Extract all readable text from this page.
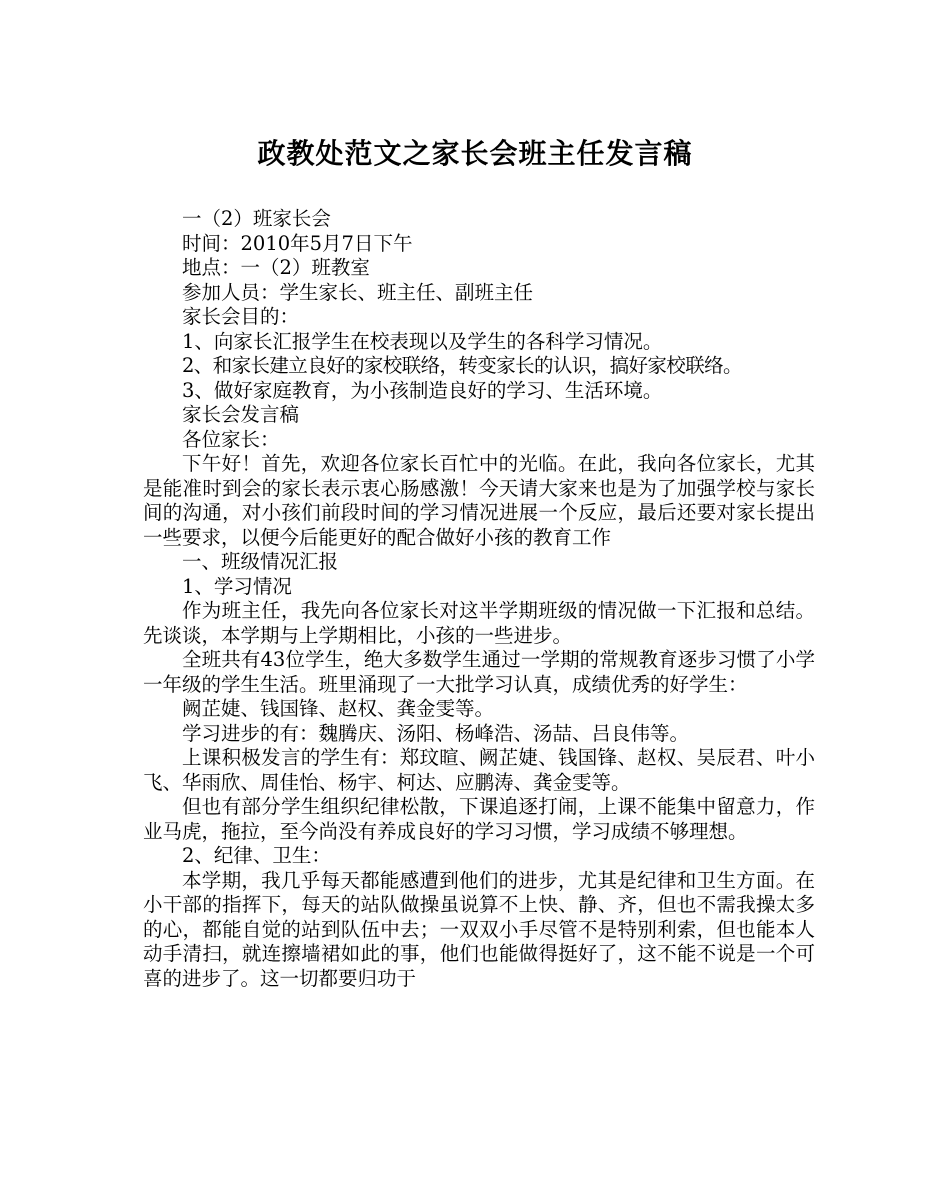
政教处范文之家长会班主任发言稿

一（2）班家长会

时间：2010年5月7日下午

地点：一（2）班教室

参加人员：学生家长、班主任、副班主任

家长会目的：

1、向家长汇报学生在校表现以及学生的各科学习情况。

2、和家长建立良好的家校联络，转变家长的认识，搞好家校联络。

3、做好家庭教育，为小孩制造良好的学习、生活环境。

家长会发言稿

各位家长：

下午好！首先，欢迎各位家长百忙中的光临。在此，我向各位家长，尤其是能准时到会的家长表示衷心肠感激！今天请大家来也是为了加强学校与家长间的沟通，对小孩们前段时间的学习情况进展一个反应，最后还要对家长提出一些要求，以便今后能更好的配合做好小孩的教育工作

一、班级情况汇报

1、学习情况

作为班主任，我先向各位家长对这半学期班级的情况做一下汇报和总结。先谈谈，本学期与上学期相比，小孩的一些进步。

全班共有43位学生，绝大多数学生通过一学期的常规教育逐步习惯了小学一年级的学生生活。班里涌现了一大批学习认真，成绩优秀的好学生：

阙芷婕、钱国锋、赵权、龚金雯等。

学习进步的有：魏腾庆、汤阳、杨峰浩、汤喆、吕良伟等。

上课积极发言的学生有：郑玟暄、阙芷婕、钱国锋、赵权、吴辰君、叶小飞、华雨欣、周佳怡、杨宇、柯达、应鹏涛、龚金雯等。

但也有部分学生组织纪律松散，下课追逐打闹，上课不能集中留意力，作业马虎，拖拉，至今尚没有养成良好的学习习惯，学习成绩不够理想。

2、纪律、卫生：

本学期，我几乎每天都能感遭到他们的进步，尤其是纪律和卫生方面。在小干部的指挥下，每天的站队做操虽说算不上快、静、齐，但也不需我操太多的心，都能自觉的站到队伍中去；一双双小手尽管不是特别利索，但也能本人动手清扫，就连擦墙裙如此的事，他们也能做得挺好了，这不能不说是一个可喜的进步了。这一切都要归功于
